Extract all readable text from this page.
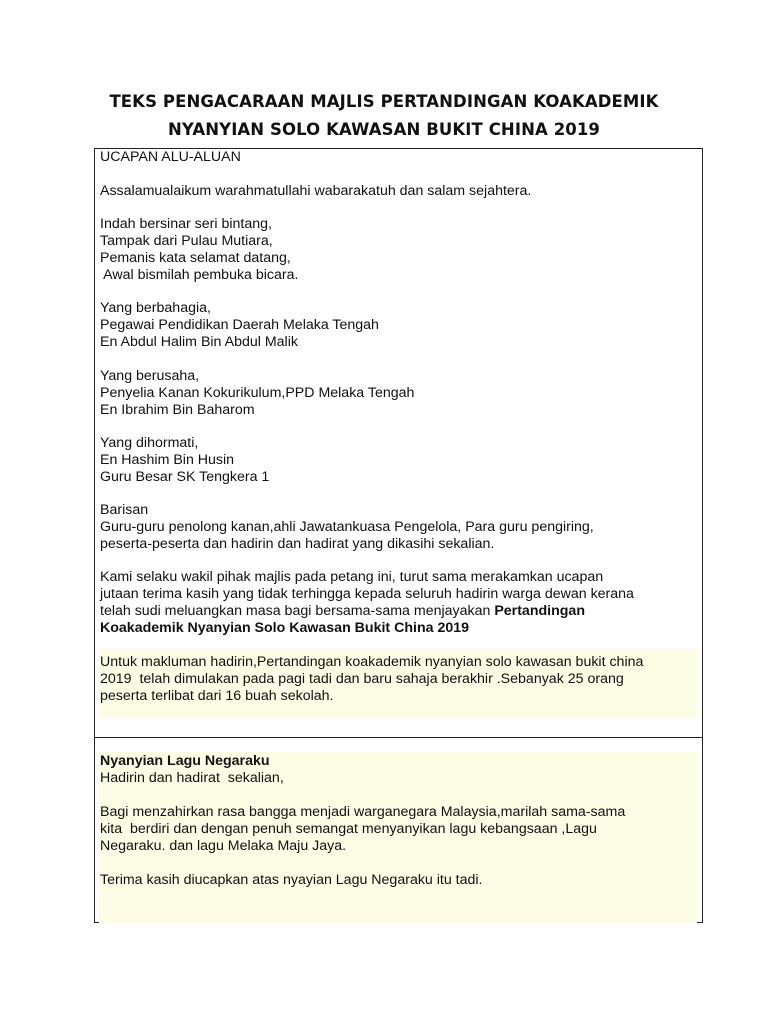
TEKS PENGACARAAN MAJLIS PERTANDINGAN KOAKADEMIK
NYANYIAN SOLO KAWASAN BUKIT CHINA 2019
UCAPAN ALU-ALUAN
Assalamualaikum warahmatullahi wabarakatuh dan salam sejahtera.
Indah bersinar seri bintang,
Tampak dari Pulau Mutiara,
Pemanis kata selamat datang,
Awal bismilah pembuka bicara.
Yang berbahagia,
Pegawai Pendidikan Daerah Melaka Tengah
En Abdul Halim Bin Abdul Malik
Yang berusaha,
Penyelia Kanan Kokurikulum,PPD Melaka Tengah
En Ibrahim Bin Baharom
Yang dihormati,
En Hashim Bin Husin
Guru Besar SK Tengkera 1
Barisan
Guru-guru penolong kanan,ahli Jawatankuasa Pengelola, Para guru pengiring,
peserta-peserta dan hadirin dan hadirat yang dikasihi sekalian.
Kami selaku wakil pihak majlis pada petang ini, turut sama merakamkan ucapan
jutaan terima kasih yang tidak terhingga kepada seluruh hadirin warga dewan kerana
telah sudi meluangkan masa bagi bersama-sama menjayakan Pertandingan
Koakademik Nyanyian Solo Kawasan Bukit China 2019
Untuk makluman hadirin,Pertandingan koakademik nyanyian solo kawasan bukit china
2019  telah dimulakan pada pagi tadi dan baru sahaja berakhir .Sebanyak 25 orang
peserta terlibat dari 16 buah sekolah.
Nyanyian Lagu Negaraku
Hadirin dan hadirat  sekalian,
Bagi menzahirkan rasa bangga menjadi warganegara Malaysia,marilah sama-sama
kita  berdiri dan dengan penuh semangat menyanyikan lagu kebangsaan ,Lagu
Negaraku. dan lagu Melaka Maju Jaya.
Terima kasih diucapkan atas nyayian Lagu Negaraku itu tadi.
